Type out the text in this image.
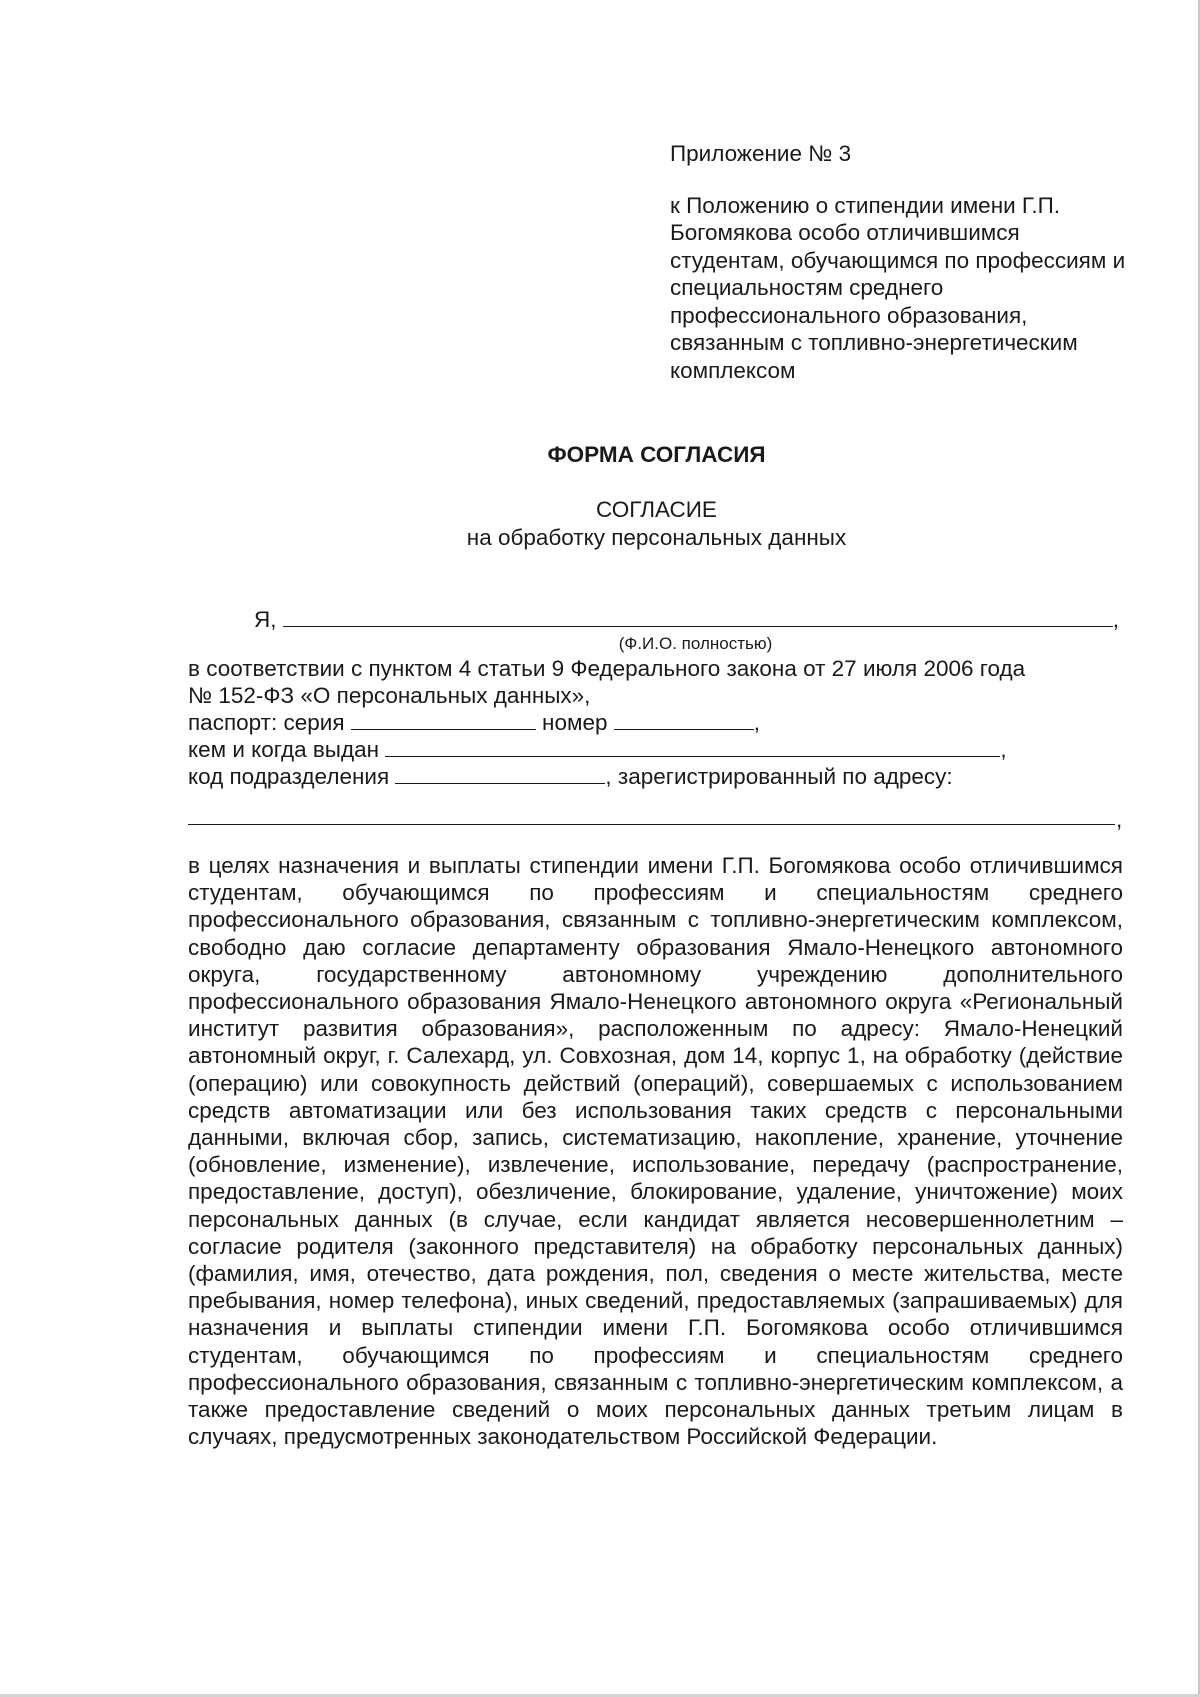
Приложение № 3
к Положению о стипендии имени Г.П. Богомякова особо отличившимся студентам, обучающимся по профессиям и специальностям среднего профессионального образования, связанным с топливно-энергетическим комплексом
ФОРМА СОГЛАСИЯ
СОГЛАСИЕ
на обработку персональных данных
Я,	,
(Ф.И.О. полностью)
в соответствии с пунктом 4 статьи 9 Федерального закона от 27 июля 2006 года
№ 152-ФЗ «О персональных данных»,
паспорт: серия	номер	,
кем и когда выдан	,
код подразделения	, зарегистрированный по адресу:
,
в целях назначения и выплаты стипендии имени Г.П. Богомякова особо отличившимся студентам, обучающимся по профессиям и специальностям среднего профессионального образования, связанным с топливно-энергетическим комплексом, свободно даю согласие департаменту образования Ямало-Ненецкого автономного округа, государственному автономному учреждению дополнительного профессионального образования Ямало-Ненецкого автономного округа «Региональный институт развития образования», расположенным по адресу: Ямало-Ненецкий автономный округ, г. Салехард, ул. Совхозная, дом 14, корпус 1, на обработку (действие (операцию) или совокупность действий (операций), совершаемых с использованием средств автоматизации или без использования таких средств с персональными данными, включая сбор, запись, систематизацию, накопление, хранение, уточнение (обновление, изменение), извлечение, использование, передачу (распространение, предоставление, доступ), обезличение, блокирование, удаление, уничтожение) моих персональных данных (в случае, если кандидат является несовершеннолетним – согласие родителя (законного представителя) на обработку персональных данных) (фамилия, имя, отечество, дата рождения, пол, сведения о месте жительства, месте пребывания, номер телефона), иных сведений, предоставляемых (запрашиваемых) для назначения и выплаты стипендии имени Г.П. Богомякова особо отличившимся студентам, обучающимся по профессиям и специальностям среднего профессионального образования, связанным с топливно-энергетическим комплексом, а также предоставление сведений о моих персональных данных третьим лицам в случаях, предусмотренных законодательством Российской Федерации.
